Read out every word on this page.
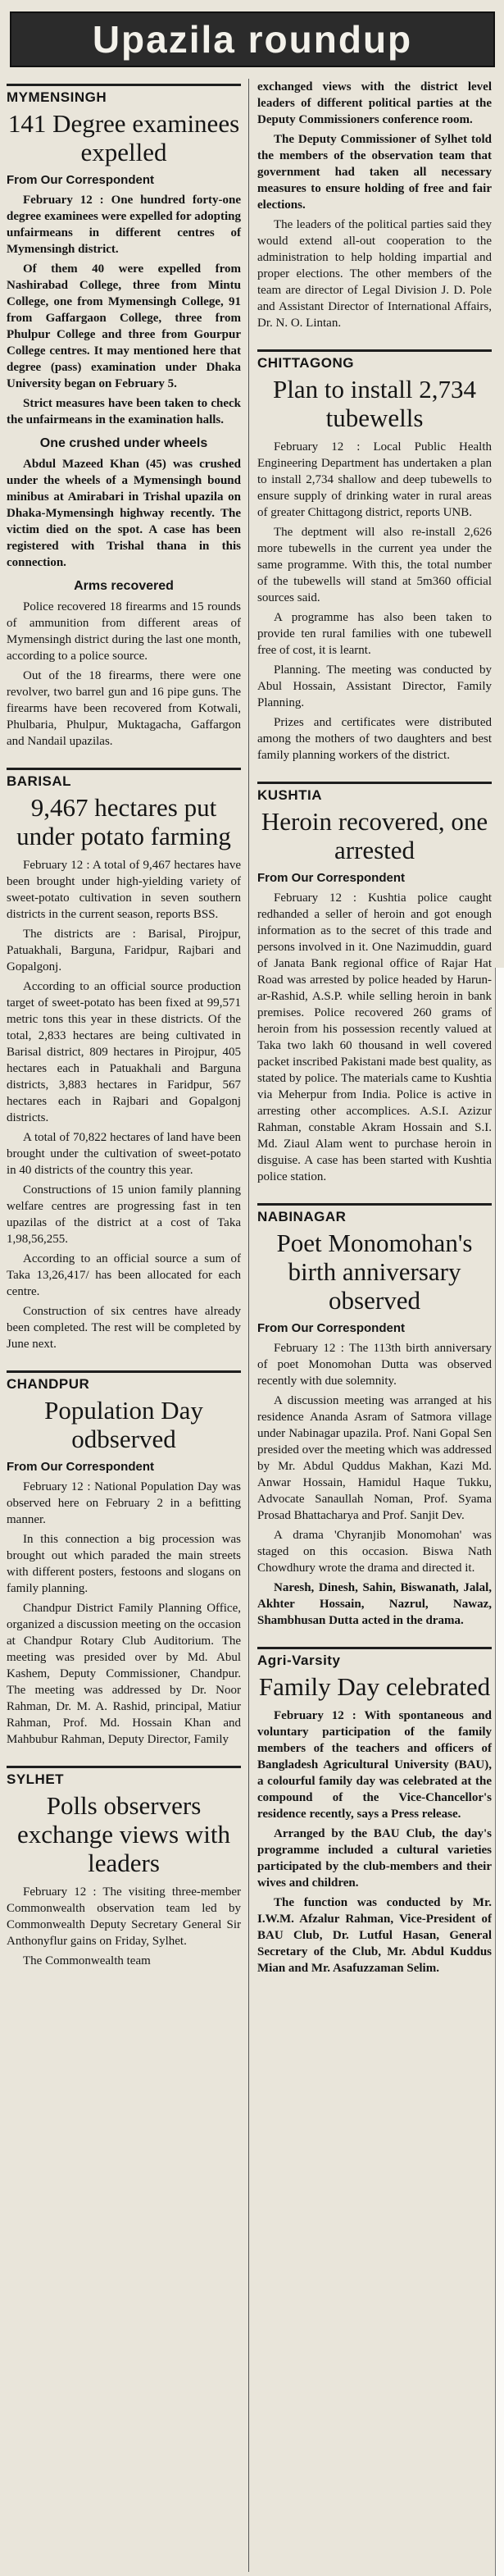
Upazila roundup
MYMENSINGH
141 Degree examinees expelled
From Our Correspondent

February 12 : One hundred forty-one degree examinees were expelled for adopting unfairmeans in different centres of Mymensingh district.

Of them 40 were expelled from Nashirabad College, three from Mintu College, one from Mymensingh College, 91 from Gaffargaon College, three from Phulpur College and three from Gourpur College centres. It may mentioned here that degree (pass) examination under Dhaka University began on February 5.

Strict measures have been taken to check the unfairmeans in the examination halls.

One crushed under wheels

Abdul Mazeed Khan (45) was crushed under the wheels of a Mymensingh bound minibus at Amirabari in Trishal upazila on Dhaka-Mymensingh highway recently. The victim died on the spot. A case has been registered with Trishal thana in this connection.

Arms recovered

Police recovered 18 firearms and 15 rounds of ammunition from different areas of Mymensingh district during the last one month, according to a police source.

Out of the 18 firearms, there were one revolver, two barrel gun and 16 pipe guns. The firearms have been recovered from Kotwali, Phulbaria, Phulpur, Muktagacha, Gaffargon and Nandail upazilas.

BARISAL
9,467 hectares put under potato farming

February 12 : A total of 9,467 hectares have been brought under high-yielding variety of sweet-potato cultivation in seven southern districts in the current season, reports BSS.

The districts are : Barisal, Pirojpur, Patuakhali, Barguna, Faridpur, Rajbari and Gopalgonj.

According to an official source production target of sweet-potato has been fixed at 99,571 metric tons this year in these districts. Of the total, 2,833 hectares are being cultivated in Barisal district, 809 hectares in Pirojpur, 405 hectares each in Patuakhali and Barguna districts, 3,883 hectares in Faridpur, 567 hectares each in Rajbari and Gopalgonj districts.

A total of 70,822 hectares of land have been brought under the cultivation of sweet-potato in 40 districts of the country this year.

Constructions of 15 union family planning welfare centres are progressing fast in ten upazilas of the district at a cost of Taka 1,98,56,255.

According to an official source a sum of Taka 13,26,417/ has been allocated for each centre.

Construction of six centres have already been completed. The rest will be completed by June next.

CHANDPUR
Population Day odbserved
From Our Correspondent

February 12 : National Population Day was observed here on February 2 in a befitting manner.

In this connection a big procession was brought out which paraded the main streets with different posters, festoons and slogans on family planning.

Chandpur District Family Planning Office, organized a discussion meeting on the occasion at Chandpur Rotary Club Auditorium. The meeting was presided over by Md. Abul Kashem, Deputy Commissioner, Chandpur. The meeting was addressed by Dr. Noor Rahman, Dr. M. A. Rashid, principal, Matiur Rahman, Prof. Md. Hossain Khan and Mahbubur Rahman, Deputy Director, Family

SYLHET
Polls observers exchange views with leaders

February 12 : The visiting three-member Commonwealth observation team led by Commonwealth Deputy Secretary General Sir Anthonyflur gains on Friday, Sylhet.

The Commonwealth team

exchanged views with the district level leaders of different political parties at the Deputy Commissioners conference room.

The Deputy Commissioner of Sylhet told the members of the observation team that government had taken all necessary measures to ensure holding of free and fair elections.

The leaders of the political parties said they would extend all-out cooperation to the administration to help holding impartial and proper elections. The other members of the team are director of Legal Division J. D. Pole and Assistant Director of International Affairs, Dr. N. O. Lintan.

CHITTAGONG
Plan to install 2,734 tubewells

February 12 : Local Public Health Engineering Department has undertaken a plan to install 2,734 shallow and deep tubewells to ensure supply of drinking water in rural areas of greater Chittagong district, reports UNB.

The deptment will also re-install 2,626 more tubewells in the current yea under the same programme. With this, the total number of the tubewells will stand at 5m360 official sources said.

A programme has also been taken to provide ten rural families with one tubewell free of cost, it is learnt.

Planning. The meeting was conducted by Abul Hossain, Assistant Director, Family Planning.

Prizes and certificates were distributed among the mothers of two daughters and best family planning workers of the district.

KUSHTIA
Heroin recovered, one arrested
From Our Correspondent

February 12 : Kushtia police caught redhanded a seller of heroin and got enough information as to the secret of this trade and persons involved in it. One Nazimuddin, guard of Janata Bank regional office of Rajar Hat Road was arrested by police headed by Harun-ar-Rashid, A.S.P. while selling heroin in bank premises. Police recovered 260 grams of heroin from his possession recently valued at Taka two lakh 60 thousand in well covered packet inscribed Pakistani made best quality, as stated by police. The materials came to Kushtia via Meherpur from India. Police is active in arresting other accomplices. A.S.I. Azizur Rahman, constable Akram Hossain and S.I. Md. Ziaul Alam went to purchase heroin in disguise. A case has been started with Kushtia police station.

NABINAGAR
Poet Monomohan's birth anniversary observed
From Our Correspondent

February 12 : The 113th birth anniversary of poet Monomohan Dutta was observed recently with due solemnity.

A discussion meeting was arranged at his residence Ananda Asram of Satmora village under Nabinagar upazila. Prof. Nani Gopal Sen presided over the meeting which was addressed by Mr. Abdul Quddus Makhan, Kazi Md. Anwar Hossain, Hamidul Haque Tukku, Advocate Sanaullah Noman, Prof. Syama Prosad Bhattacharya and Prof. Sanjit Dev.

A drama 'Chyranjib Monomohan' was staged on this occasion. Biswa Nath Chowdhury wrote the drama and directed it.

Naresh, Dinesh, Sahin, Biswanath, Jalal, Akhter Hossain, Nazrul, Nawaz, Shambhusan Dutta acted in the drama.

Agri-Varsity
Family Day celebrated

February 12 : With spontaneous and voluntary participation of the family members of the teachers and officers of Bangladesh Agricultural University (BAU), a colourful family day was celebrated at the compound of the Vice-Chancellor's residence recently, says a Press release.

Arranged by the BAU Club, the day's programme included a cultural varieties participated by the club-members and their wives and children.

The function was conducted by Mr. I.W.M. Afzalur Rahman, Vice-President of BAU Club, Dr. Lutful Hasan, General Secretary of the Club, Mr. Abdul Kuddus Mian and Mr. Asafuzzaman Selim.
